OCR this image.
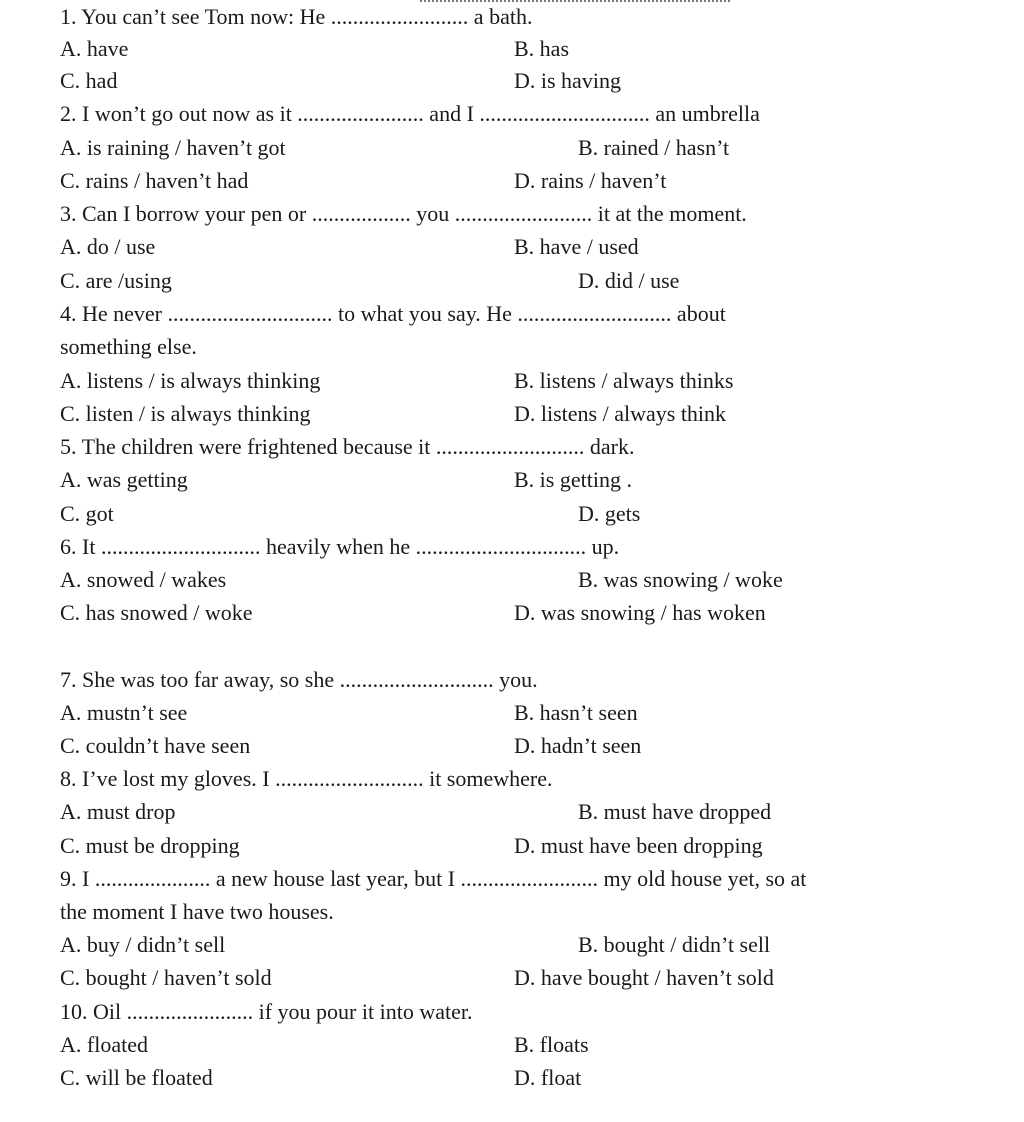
1. You can’t see Tom now: He ......................... a bath.
A. have	B. has
C. had	D. is having
2. I won’t go out now as it ....................... and I ............................... an umbrella
A. is raining / haven’t got	B. rained / hasn’t
C. rains / haven’t had	D. rains / haven’t
3. Can I borrow your pen or .................. you ......................... it at the moment.
A. do / use	B. have / used
C. are /using	D. did / use
4. He never .............................. to what you say. He ............................ about
something else.
A. listens / is always thinking	B. listens / always thinks
C. listen / is always thinking	D. listens / always think
5. The children were frightened because it ........................... dark.
A. was getting	B. is getting .
C. got	D. gets
6. It ............................. heavily when he ............................... up.
A. snowed / wakes	B. was snowing / woke
C. has snowed / woke	D. was snowing / has woken
7. She was too far away, so she ............................ you.
A. mustn’t see	B. hasn’t seen
C. couldn’t have seen	D. hadn’t seen
8. I’ve lost my gloves. I ........................... it somewhere.
A. must drop	B. must have dropped
C. must be dropping	D. must have been dropping
9. I ..................... a new house last year, but I ......................... my old house yet, so at
the moment I have two houses.
A. buy / didn’t sell	B. bought / didn’t sell
C. bought / haven’t sold	D. have bought / haven’t sold
10. Oil ....................... if you pour it into water.
A. floated	B. floats
C. will be floated	D. float
